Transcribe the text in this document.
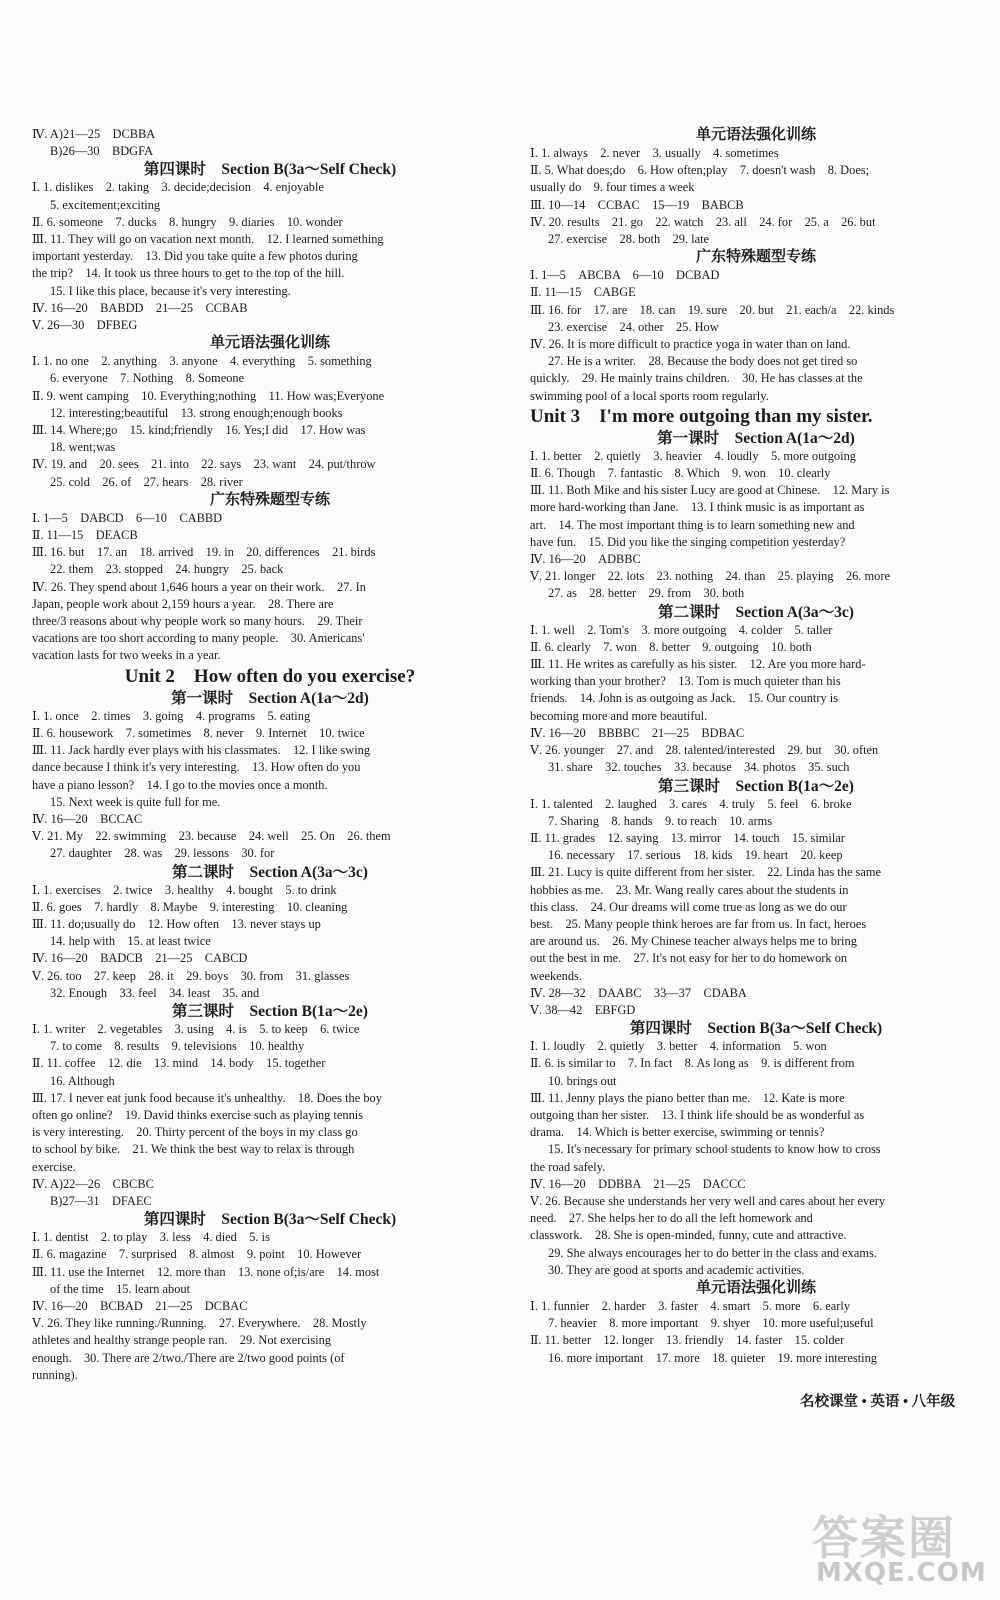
Ⅳ. A)21—25　DCBBA
B)26—30　BDGFA
第四课时　Section B(3a～Self Check)
Ⅰ. 1. dislikes　2. taking　3. decide;decision　4. enjoyable
5. excitement;exciting
Ⅱ. 6. someone　7. ducks　8. hungry　9. diaries　10. wonder
Ⅲ. 11. They will go on vacation next month.　12. I learned something
important yesterday.　13. Did you take quite a few photos during
the trip?　14. It took us three hours to get to the top of the hill.
15. I like this place, because it's very interesting.
Ⅳ. 16—20　BABDD　21—25　CCBAB
Ⅴ. 26—30　DFBEG
单元语法强化训练
Ⅰ. 1. no one　2. anything　3. anyone　4. everything　5. something
6. everyone　7. Nothing　8. Someone
Ⅱ. 9. went camping　10. Everything;nothing　11. How was;Everyone
12. interesting;beautiful　13. strong enough;enough books
Ⅲ. 14. Where;go　15. kind;friendly　16. Yes;I did　17. How was
18. went;was
Ⅳ. 19. and　20. sees　21. into　22. says　23. want　24. put/throw
25. cold　26. of　27. hears　28. river
广东特殊题型专练
Ⅰ. 1—5　DABCD　6—10　CABBD
Ⅱ. 11—15　DEACB
Ⅲ. 16. but　17. an　18. arrived　19. in　20. differences　21. birds
22. them　23. stopped　24. hungry　25. back
Ⅳ. 26. They spend about 1,646 hours a year on their work.　27. In
Japan, people work about 2,159 hours a year.　28. There are
three/3 reasons about why people work so many hours.　29. Their
vacations are too short according to many people.　30. Americans'
vacation lasts for two weeks in a year.
Unit 2　How often do you exercise?
第一课时　Section A(1a～2d)
Ⅰ. 1. once　2. times　3. going　4. programs　5. eating
Ⅱ. 6. housework　7. sometimes　8. never　9. Internet　10. twice
Ⅲ. 11. Jack hardly ever plays with his classmates.　12. I like swing
dance because I think it's very interesting.　13. How often do you
have a piano lesson?　14. I go to the movies once a month.
15. Next week is quite full for me.
Ⅳ. 16—20　BCCAC
Ⅴ. 21. My　22. swimming　23. because　24. well　25. On　26. them
27. daughter　28. was　29. lessons　30. for
第二课时　Section A(3a～3c)
Ⅰ. 1. exercises　2. twice　3. healthy　4. bought　5. to drink
Ⅱ. 6. goes　7. hardly　8. Maybe　9. interesting　10. cleaning
Ⅲ. 11. do;usually do　12. How often　13. never stays up
14. help with　15. at least twice
Ⅳ. 16—20　BADCB　21—25　CABCD
Ⅴ. 26. too　27. keep　28. it　29. boys　30. from　31. glasses
32. Enough　33. feel　34. least　35. and
第三课时　Section B(1a～2e)
Ⅰ. 1. writer　2. vegetables　3. using　4. is　5. to keep　6. twice
7. to come　8. results　9. televisions　10. healthy
Ⅱ. 11. coffee　12. die　13. mind　14. body　15. together
16. Although
Ⅲ. 17. I never eat junk food because it's unhealthy.　18. Does the boy
often go online?　19. David thinks exercise such as playing tennis
is very interesting.　20. Thirty percent of the boys in my class go
to school by bike.　21. We think the best way to relax is through
exercise.
Ⅳ. A)22—26　CBCBC
B)27—31　DFAEC
第四课时　Section B(3a～Self Check)
Ⅰ. 1. dentist　2. to play　3. less　4. died　5. is
Ⅱ. 6. magazine　7. surprised　8. almost　9. point　10. However
Ⅲ. 11. use the Internet　12. more than　13. none of;is/are　14. most
of the time　15. learn about
Ⅳ. 16—20　BCBAD　21—25　DCBAC
Ⅴ. 26. They like running./Running.　27. Everywhere.　28. Mostly
athletes and healthy strange people ran.　29. Not exercising
enough.　30. There are 2/two./There are 2/two good points (of
running).
单元语法强化训练
Ⅰ. 1. always　2. never　3. usually　4. sometimes
Ⅱ. 5. What does;do　6. How often;play　7. doesn't wash　8. Does;
usually do　9. four times a week
Ⅲ. 10—14　CCBAC　15—19　BABCB
Ⅳ. 20. results　21. go　22. watch　23. all　24. for　25. a　26. but
27. exercise　28. both　29. late
广东特殊题型专练
Ⅰ. 1—5　ABCBA　6—10　DCBAD
Ⅱ. 11—15　CABGE
Ⅲ. 16. for　17. are　18. can　19. sure　20. but　21. each/a　22. kinds
23. exercise　24. other　25. How
Ⅳ. 26. It is more difficult to practice yoga in water than on land.
27. He is a writer.　28. Because the body does not get tired so
quickly.　29. He mainly trains children.　30. He has classes at the
swimming pool of a local sports room regularly.
Unit 3　I'm more outgoing than my sister.
第一课时　Section A(1a～2d)
Ⅰ. 1. better　2. quietly　3. heavier　4. loudly　5. more outgoing
Ⅱ. 6. Though　7. fantastic　8. Which　9. won　10. clearly
Ⅲ. 11. Both Mike and his sister Lucy are good at Chinese.　12. Mary is
more hard-working than Jane.　13. I think music is as important as
art.　14. The most important thing is to learn something new and
have fun.　15. Did you like the singing competition yesterday?
Ⅳ. 16—20　ADBBC
Ⅴ. 21. longer　22. lots　23. nothing　24. than　25. playing　26. more
27. as　28. better　29. from　30. both
第二课时　Section A(3a～3c)
Ⅰ. 1. well　2. Tom's　3. more outgoing　4. colder　5. taller
Ⅱ. 6. clearly　7. won　8. better　9. outgoing　10. both
Ⅲ. 11. He writes as carefully as his sister.　12. Are you more hard-
working than your brother?　13. Tom is much quieter than his
friends.　14. John is as outgoing as Jack.　15. Our country is
becoming more and more beautiful.
Ⅳ. 16—20　BBBBC　21—25　BDBAC
Ⅴ. 26. younger　27. and　28. talented/interested　29. but　30. often
31. share　32. touches　33. because　34. photos　35. such
第三课时　Section B(1a～2e)
Ⅰ. 1. talented　2. laughed　3. cares　4. truly　5. feel　6. broke
7. Sharing　8. hands　9. to reach　10. arms
Ⅱ. 11. grades　12. saying　13. mirror　14. touch　15. similar
16. necessary　17. serious　18. kids　19. heart　20. keep
Ⅲ. 21. Lucy is quite different from her sister.　22. Linda has the same
hobbies as me.　23. Mr. Wang really cares about the students in
this class.　24. Our dreams will come true as long as we do our
best.　25. Many people think heroes are far from us. In fact, heroes
are around us.　26. My Chinese teacher always helps me to bring
out the best in me.　27. It's not easy for her to do homework on
weekends.
Ⅳ. 28—32　DAABC　33—37　CDABA
Ⅴ. 38—42　EBFGD
第四课时　Section B(3a～Self Check)
Ⅰ. 1. loudly　2. quietly　3. better　4. information　5. won
Ⅱ. 6. is similar to　7. In fact　8. As long as　9. is different from
10. brings out
Ⅲ. 11. Jenny plays the piano better than me.　12. Kate is more
outgoing than her sister.　13. I think life should be as wonderful as
drama.　14. Which is better exercise, swimming or tennis?
15. It's necessary for primary school students to know how to cross
the road safely.
Ⅳ. 16—20　DDBBA　21—25　DACCC
Ⅴ. 26. Because she understands her very well and cares about her every
need.　27. She helps her to do all the left homework and
classwork.　28. She is open-minded, funny, cute and attractive.
29. She always encourages her to do better in the class and exams.
30. They are good at sports and academic activities.
单元语法强化训练
Ⅰ. 1. funnier　2. harder　3. faster　4. smart　5. more　6. early
7. heavier　8. more important　9. shyer　10. more useful;useful
Ⅱ. 11. better　12. longer　13. friendly　14. faster　15. colder
16. more important　17. more　18. quieter　19. more interesting
名校课堂 • 英语 • 八年级
答案圈
MXQE.COM
